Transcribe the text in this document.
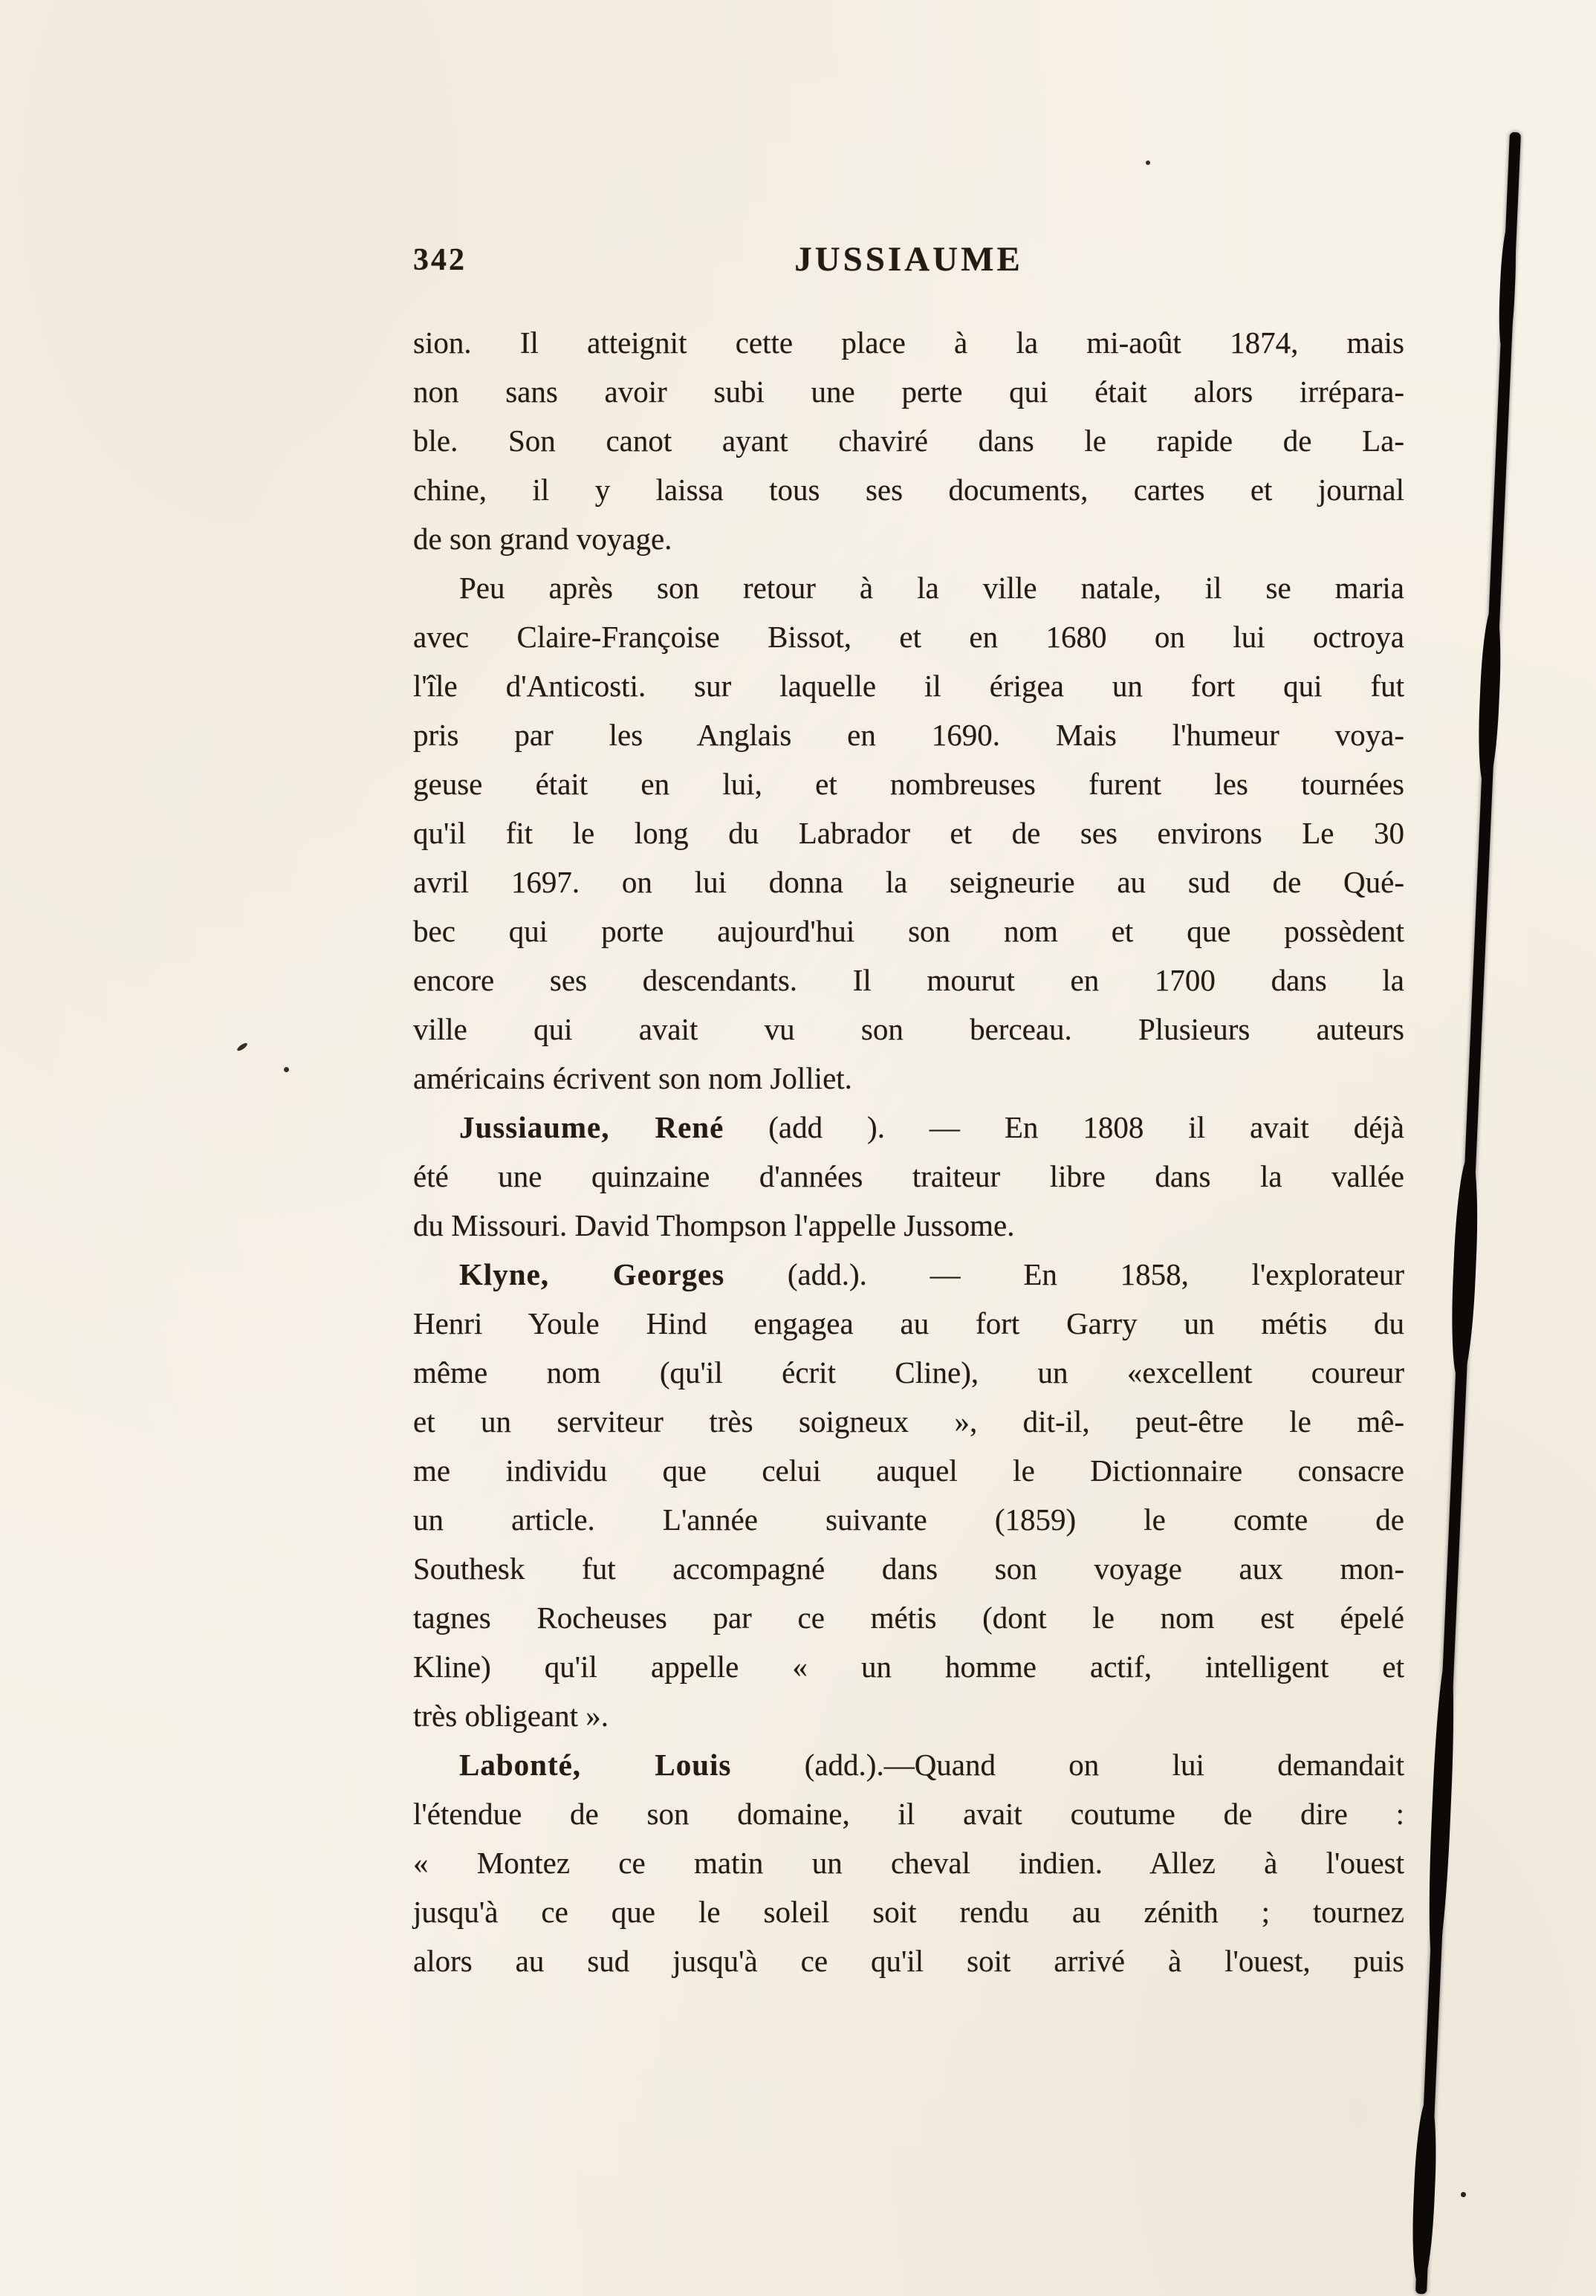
342	JUSSIAUME
sion. Il atteignit cette place à la mi-août 1874, mais
non sans avoir subi une perte qui était alors irrépara-
ble. Son canot ayant chaviré dans le rapide de La-
chine, il y laissa tous ses documents, cartes et journal
de son grand voyage.
Peu après son retour à la ville natale, il se maria
avec Claire-Françoise Bissot, et en 1680 on lui octroya
l'île d'Anticosti. sur laquelle il érigea un fort qui fut
pris par les Anglais en 1690. Mais l'humeur voya-
geuse était en lui, et nombreuses furent les tournées
qu'il fit le long du Labrador et de ses environs Le 30
avril 1697. on lui donna la seigneurie au sud de Qué-
bec qui porte aujourd'hui son nom et que possèdent
encore ses descendants. Il mourut en 1700 dans la
ville qui avait vu son berceau. Plusieurs auteurs
américains écrivent son nom Jolliet.
Jussiaume, René (add ). — En 1808 il avait déjà
été une quinzaine d'années traiteur libre dans la vallée
du Missouri. David Thompson l'appelle Jussome.
Klyne, Georges (add.). — En 1858, l'explorateur
Henri Youle Hind engagea au fort Garry un métis du
même nom (qu'il écrit Cline), un «excellent coureur
et un serviteur très soigneux », dit-il, peut-être le mê-
me individu que celui auquel le Dictionnaire consacre
un article. L'année suivante (1859) le comte de
Southesk fut accompagné dans son voyage aux mon-
tagnes Rocheuses par ce métis (dont le nom est épelé
Kline) qu'il appelle « un homme actif, intelligent et
très obligeant ».
Labonté, Louis (add.).—Quand on lui demandait
l'étendue de son domaine, il avait coutume de dire :
« Montez ce matin un cheval indien. Allez à l'ouest
jusqu'à ce que le soleil soit rendu au zénith ; tournez
alors au sud jusqu'à ce qu'il soit arrivé à l'ouest, puis
